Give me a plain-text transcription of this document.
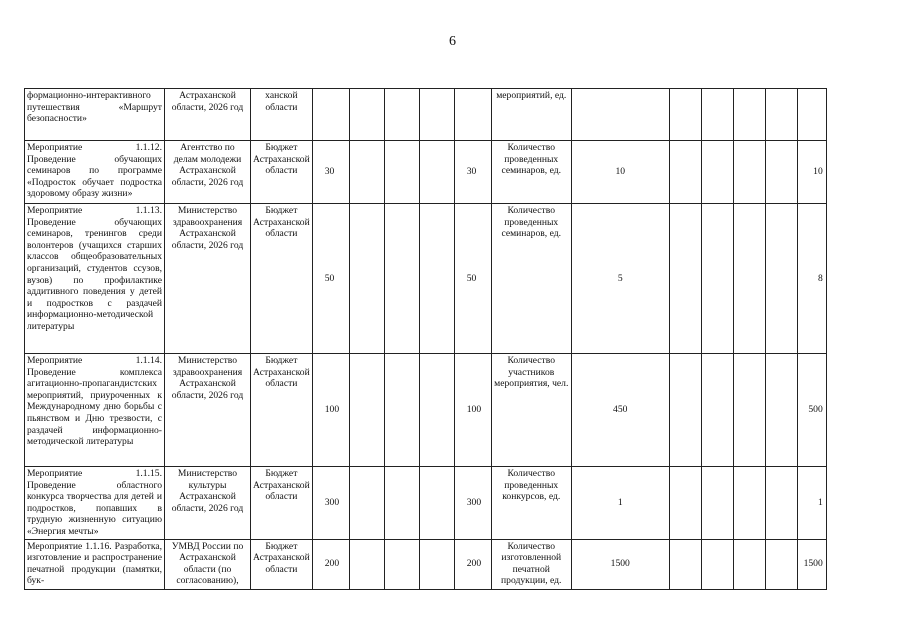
6
формационно-интерактивного путешествия «Маршрут безопасности»	Астраханской области, 2026 год	ханской области						мероприятий, ед.						
Мероприятие 1.1.12. Проведение обучающих семинаров по программе «Подросток обучает подростка здоровому образу жизни»	Агентство по делам молодежи Астраханской области, 2026 год	Бюджет Астраханской области	30				30	Количество проведенных семинаров, ед.	10					10
Мероприятие 1.1.13. Проведение обучающих семинаров, тренингов среди волонтеров (учащихся старших классов общеобразовательных организаций, студентов ссузов, вузов) по профилактике аддитивного поведения у детей и подростков с раздачей информационно-методической литературы	Министерство здравоохранения Астраханской области, 2026 год	Бюджет Астраханской области	50				50	Количество проведенных семинаров, ед.	5					8
Мероприятие 1.1.14. Проведение комплекса агитационно-пропагандистских мероприятий, приуроченных к Международному дню борьбы с пьянством и Дню трезвости, с раздачей информационно-методической литературы	Министерство здравоохранения Астраханской области, 2026 год	Бюджет Астраханской области	100				100	Количество участников мероприятия, чел.	450					500
Мероприятие 1.1.15. Проведение областного конкурса творчества для детей и подростков, попавших в трудную жизненную ситуацию «Энергия мечты»	Министерство культуры Астраханской области, 2026 год	Бюджет Астраханской области	300				300	Количество проведенных конкурсов, ед.	1					1
Мероприятие 1.1.16. Разработка, изготовление и распространение печатной продукции (памятки, бук-	УМВД России по Астраханской области (по согласованию),	Бюджет Астраханской области	200				200	Количество изготовленной печатной продукции, ед.	1500					1500
